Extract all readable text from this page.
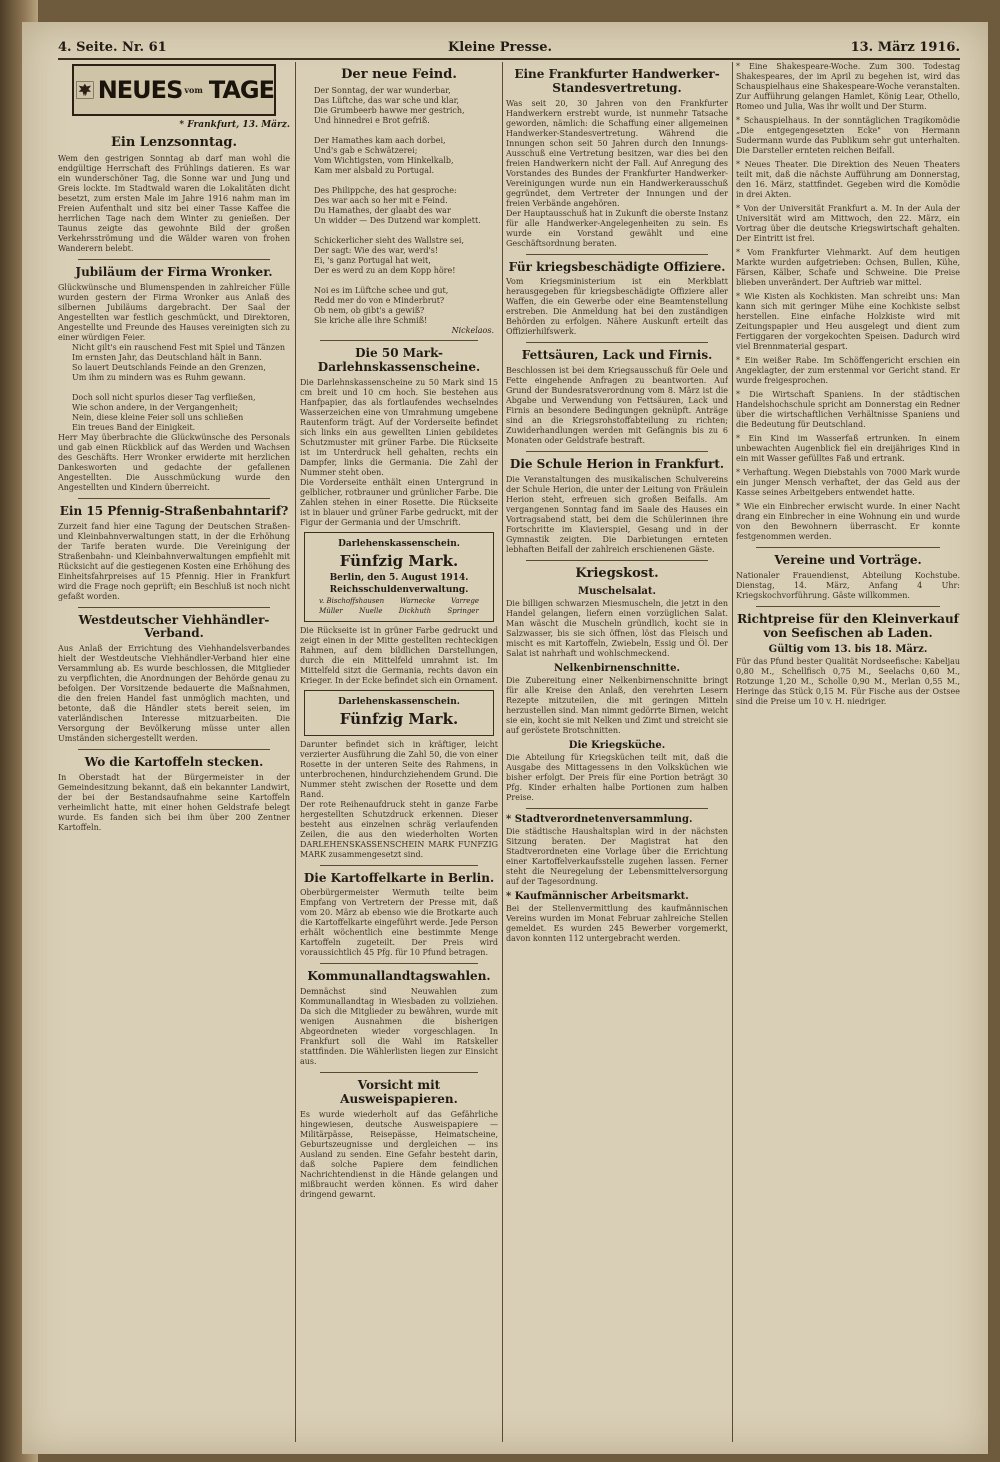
4. Seite. Nr. 61	Kleine Presse.	13. März 1916.
NEUES vom TAGE

* Frankfurt, 13. März.

Ein Lenzsonntag.

Wem den gestrigen Sonntag ab darf man wohl die endgültige Herrschaft des Frühlings datieren. Es war ein wunderschöner Tag, die Sonne war und Jung und Greis lockte. Im Stadtwald waren die Lokalitäten dicht besetzt, zum ersten Male im Jahre 1916 nahm man im Freien Aufenthalt und sitz bei einer Tasse Kaffee die herrlichen Tage nach dem Winter zu genießen. Der Taunus zeigte das gewohnte Bild der großen Verkehrsströmung und die Wälder waren von frohen Wanderern belebt.

Jubiläum der Firma Wronker.

Glückwünsche und Blumenspenden in zahlreicher Fülle wurden gestern der Firma Wronker aus Anlaß des silbernen Jubiläums dargebracht. Der Saal der Angestellten war festlich geschmückt, und Direktoren, Angestellte und Freunde des Hauses vereinigten sich zu einer würdigen Feier.

Nicht gilt's ein rauschend Fest mit Spiel und Tänzen
Im ernsten Jahr, das Deutschland hält in Bann.
So lauert Deutschlands Feinde an den Grenzen,
Um ihm zu mindern was es Ruhm gewann.

Doch soll nicht spurlos dieser Tag verfließen,
Wie schon andere, in der Vergangenheit;
Nein, diese kleine Feier soll uns schließen
Ein treues Band der Einigkeit.

Herr May überbrachte die Glückwünsche des Personals und gab einen Rückblick auf das Werden und Wachsen des Geschäfts. Herr Wronker erwiderte mit herzlichen Dankesworten und gedachte der gefallenen Angestellten. Die Ausschmückung wurde den Angestellten und Kindern überreicht.

Ein 15 Pfennig-Straßenbahntarif?

Zurzeit fand hier eine Tagung der Deutschen Straßen- und Kleinbahnverwaltungen statt, in der die Erhöhung der Tarife beraten wurde. Die Vereinigung der Straßenbahn- und Kleinbahnverwaltungen empfiehlt mit Rücksicht auf die gestiegenen Kosten eine Erhöhung des Einheitsfahrpreises auf 15 Pfennig. Hier in Frankfurt wird die Frage noch geprüft; ein Beschluß ist noch nicht gefaßt worden.

Westdeutscher Viehhändler-Verband.

Aus Anlaß der Errichtung des Viehhandelsverbandes hielt der Westdeutsche Viehhändler-Verband hier eine Versammlung ab. Es wurde beschlossen, die Mitglieder zu verpflichten, die Anordnungen der Behörde genau zu befolgen. Der Vorsitzende bedauerte die Maßnahmen, die den freien Handel fast unmöglich machten, und betonte, daß die Händler stets bereit seien, im vaterländischen Interesse mitzuarbeiten. Die Versorgung der Bevölkerung müsse unter allen Umständen sichergestellt werden.

Wo die Kartoffeln stecken.

In Oberstadt hat der Bürgermeister in der Gemeindesitzung bekannt, daß ein bekannter Landwirt, der bei der Bestandsaufnahme seine Kartoffeln verheimlicht hatte, mit einer hohen Geldstrafe belegt wurde. Es fanden sich bei ihm über 200 Zentner Kartoffeln.

Der neue Feind.

Der Sonntag, der war wunderbar,
Das Lüftche, das war sche und klar,
Die Grumbeerb hawwe mer gestrich,
Und hinnedrei e Brot gefriß.

Der Hamathes kam aach dorbei,
Und's gab e Schwätzerei;
Vom Wichtigsten, vom Hinkelkalb,
Kam mer alsbald zu Portugal.

Des Philippche, des hat gesproche:
Des war aach so her mit e Feind.
Du Hamathes, der glaabt des war
Un widder — Des Dutzend war komplett.

Schickerlicher sieht des Wallstre sei,
Der sagt: Wie des war, werd's!
Ei, 's ganz Portugal hat weit,
Der es werd zu an dem Kopp höre!

Noi es im Lüftche schee und gut,
Redd mer do von e Minderbrut?
Ob nem, ob gibt's a gewiß?
Sie kriche alle ihre Schmiß!

Nickelaos.

Die 50 Mark-Darlehnskassenscheine.

Die Darlehnskassenscheine zu 50 Mark sind 15 cm breit und 10 cm hoch. Sie bestehen aus Hanfpapier, das als fortlaufendes wechselndes Wasserzeichen eine von Umrahmung umgebene Rautenform trägt. Auf der Vorderseite befindet sich links ein aus gewellten Linien gebildetes Schutzmuster mit grüner Farbe. Die Rückseite ist im Unterdruck hell gehalten, rechts ein Dampfer, links die Germania. Die Zahl der Nummer steht oben.

Die Vorderseite enthält einen Untergrund in gelblicher, rotbrauner und grünlicher Farbe. Die Zahlen stehen in einer Rosette. Die Rückseite ist in blauer und grüner Farbe gedruckt, mit der Figur der Germania und der Umschrift.

Darlehenskassenschein.
Fünfzig Mark.
Berlin, den 5. August 1914.
Reichsschuldenverwaltung.
v. Bischoffshausen Warnecke Varrege
Müller Nuelle Dickhuth Springer

Die Rückseite ist in grüner Farbe gedruckt und zeigt einen in der Mitte gestellten rechteckigen Rahmen, auf dem bildlichen Darstellungen, durch die ein Mittelfeld umrahmt ist. Im Mittelfeld sitzt die Germania, rechts davon ein Krieger. In der Ecke befindet sich ein Ornament.

Darlehenskassenschein.
Fünfzig Mark.

Darunter befindet sich in kräftiger, leicht verzierter Ausführung die Zahl 50, die von einer Rosette in der unteren Seite des Rahmens, in unterbrochenen, hindurchziehendem Grund. Die Nummer steht zwischen der Rosette und dem Rand.

Der rote Reihenaufdruck steht in ganze Farbe hergestellten Schutzdruck erkennen. Dieser besteht aus einzelnen schräg verlaufenden Zeilen, die aus den wiederholten Worten DARLEHENSKASSENSCHEIN MARK FUNFZIG MARK zusammengesetzt sind.

Die Kartoffelkarte in Berlin.

Oberbürgermeister Wermuth teilte beim Empfang von Vertretern der Presse mit, daß vom 20. März ab ebenso wie die Brotkarte auch die Kartoffelkarte eingeführt werde. Jede Person erhält wöchentlich eine bestimmte Menge Kartoffeln zugeteilt. Der Preis wird voraussichtlich 45 Pfg. für 10 Pfund betragen.

Kommunallandtagswahlen.

Demnächst sind Neuwahlen zum Kommunallandtag in Wiesbaden zu vollziehen. Da sich die Mitglieder zu bewähren, wurde mit wenigen Ausnahmen die bisherigen Abgeordneten wieder vorgeschlagen. In Frankfurt soll die Wahl im Ratskeller stattfinden. Die Wählerlisten liegen zur Einsicht aus.

Vorsicht mit Ausweispapieren.

Es wurde wiederholt auf das Gefährliche hingewiesen, deutsche Ausweispapiere — Militärpässe, Reisepässe, Heimatscheine, Geburtszeugnisse und dergleichen — ins Ausland zu senden. Eine Gefahr besteht darin, daß solche Papiere dem feindlichen Nachrichtendienst in die Hände gelangen und mißbraucht werden können. Es wird daher dringend gewarnt.

Eine Frankfurter Handwerker-Standesvertretung.

Was seit 20, 30 Jahren von den Frankfurter Handwerkern erstrebt wurde, ist nunmehr Tatsache geworden, nämlich: die Schaffung einer allgemeinen Handwerker-Standesvertretung. Während die Innungen schon seit 50 Jahren durch den Innungs-Ausschuß eine Vertretung besitzen, war dies bei den freien Handwerkern nicht der Fall. Auf Anregung des Vorstandes des Bundes der Frankfurter Handwerker-Vereinigungen wurde nun ein Handwerkerausschuß gegründet, dem Vertreter der Innungen und der freien Verbände angehören.

Der Hauptausschuß hat in Zukunft die oberste Instanz für alle Handwerker-Angelegenheiten zu sein. Es wurde ein Vorstand gewählt und eine Geschäftsordnung beraten.

Für kriegsbeschädigte Offiziere.

Vom Kriegsministerium ist ein Merkblatt herausgegeben für kriegsbeschädigte Offiziere aller Waffen, die ein Gewerbe oder eine Beamtenstellung erstreben. Die Anmeldung hat bei den zuständigen Behörden zu erfolgen. Nähere Auskunft erteilt das Offizierhilfswerk.

Fettsäuren, Lack und Firnis.

Beschlossen ist bei dem Kriegsausschuß für Oele und Fette eingehende Anfragen zu beantworten. Auf Grund der Bundesratsverordnung vom 8. März ist die Abgabe und Verwendung von Fettsäuren, Lack und Firnis an besondere Bedingungen geknüpft. Anträge sind an die Kriegsrohstoffabteilung zu richten; Zuwiderhandlungen werden mit Gefängnis bis zu 6 Monaten oder Geldstrafe bestraft.

Die Schule Herion in Frankfurt.

Die Veranstaltungen des musikalischen Schulvereins der Schule Herion, die unter der Leitung von Fräulein Herion steht, erfreuen sich großen Beifalls. Am vergangenen Sonntag fand im Saale des Hauses ein Vortragsabend statt, bei dem die Schülerinnen ihre Fortschritte im Klavierspiel, Gesang und in der Gymnastik zeigten. Die Darbietungen ernteten lebhaften Beifall der zahlreich erschienenen Gäste.

Kriegskost.
Muschelsalat.

Die billigen schwarzen Miesmuscheln, die jetzt in den Handel gelangen, liefern einen vorzüglichen Salat. Man wäscht die Muscheln gründlich, kocht sie in Salzwasser, bis sie sich öffnen, löst das Fleisch und mischt es mit Kartoffeln, Zwiebeln, Essig und Öl. Der Salat ist nahrhaft und wohlschmeckend.

Nelkenbirnenschnitte.

Die Zubereitung einer Nelkenbirnenschnitte bringt für alle Kreise den Anlaß, den verehrten Lesern Rezepte mitzuteilen, die mit geringen Mitteln herzustellen sind. Man nimmt gedörrte Birnen, weicht sie ein, kocht sie mit Nelken und Zimt und streicht sie auf geröstete Brotschnitten.

Die Kriegsküche.

Die Abteilung für Kriegsküchen teilt mit, daß die Ausgabe des Mittagessens in den Volksküchen wie bisher erfolgt. Der Preis für eine Portion beträgt 30 Pfg. Kinder erhalten halbe Portionen zum halben Preise.

* Stadtverordnetenversammlung.

Die städtische Haushaltsplan wird in der nächsten Sitzung beraten. Der Magistrat hat den Stadtverordneten eine Vorlage über die Errichtung einer Kartoffelverkaufsstelle zugehen lassen. Ferner steht die Neuregelung der Lebensmittelversorgung auf der Tagesordnung.

* Kaufmännischer Arbeitsmarkt.

Bei der Stellenvermittlung des kaufmännischen Vereins wurden im Monat Februar zahlreiche Stellen gemeldet. Es wurden 245 Bewerber vorgemerkt, davon konnten 112 untergebracht werden.

* Eine Shakespeare-Woche. Zum 300. Todestag Shakespeares, der im April zu begehen ist, wird das Schauspielhaus eine Shakespeare-Woche veranstalten. Zur Aufführung gelangen Hamlet, König Lear, Othello, Romeo und Julia, Was ihr wollt und Der Sturm.

* Schauspielhaus. In der sonntäglichen Tragikomödie „Die entgegengesetzten Ecke" von Hermann Sudermann wurde das Publikum sehr gut unterhalten. Die Darsteller ernteten reichen Beifall.

* Neues Theater. Die Direktion des Neuen Theaters teilt mit, daß die nächste Aufführung am Donnerstag, den 16. März, stattfindet. Gegeben wird die Komödie in drei Akten.

* Von der Universität Frankfurt a. M. In der Aula der Universität wird am Mittwoch, den 22. März, ein Vortrag über die deutsche Kriegswirtschaft gehalten. Der Eintritt ist frei.

* Vom Frankfurter Viehmarkt. Auf dem heutigen Markte wurden aufgetrieben: Ochsen, Bullen, Kühe, Färsen, Kälber, Schafe und Schweine. Die Preise blieben unverändert. Der Auftrieb war mittel.

* Wie Kisten als Kochkisten. Man schreibt uns: Man kann sich mit geringer Mühe eine Kochkiste selbst herstellen. Eine einfache Holzkiste wird mit Zeitungspapier und Heu ausgelegt und dient zum Fertiggaren der vorgekochten Speisen. Dadurch wird viel Brennmaterial gespart.

* Ein weißer Rabe. Im Schöffengericht erschien ein Angeklagter, der zum erstenmal vor Gericht stand. Er wurde freigesprochen.

* Die Wirtschaft Spaniens. In der städtischen Handelshochschule spricht am Donnerstag ein Redner über die wirtschaftlichen Verhältnisse Spaniens und die Bedeutung für Deutschland.

* Ein Kind im Wasserfaß ertrunken. In einem unbewachten Augenblick fiel ein dreijähriges Kind in ein mit Wasser gefülltes Faß und ertrank.

* Verhaftung. Wegen Diebstahls von 7000 Mark wurde ein junger Mensch verhaftet, der das Geld aus der Kasse seines Arbeitgebers entwendet hatte.

* Wie ein Einbrecher erwischt wurde. In einer Nacht drang ein Einbrecher in eine Wohnung ein und wurde von den Bewohnern überrascht. Er konnte festgenommen werden.

Vereine und Vorträge.

Nationaler Frauendienst, Abteilung Kochstube. Dienstag, 14. März, Anfang 4 Uhr: Kriegskochvorführung. Gäste willkommen.

Richtpreise für den Kleinverkauf von Seefischen ab Laden.
Gültig vom 13. bis 18. März.

Für das Pfund bester Qualität Nordseefische: Kabeljau 0,80 M., Schellfisch 0,75 M., Seelachs 0,60 M., Rotzunge 1,20 M., Scholle 0,90 M., Merlan 0,55 M., Heringe das Stück 0,15 M. Für Fische aus der Ostsee sind die Preise um 10 v. H. niedriger.
